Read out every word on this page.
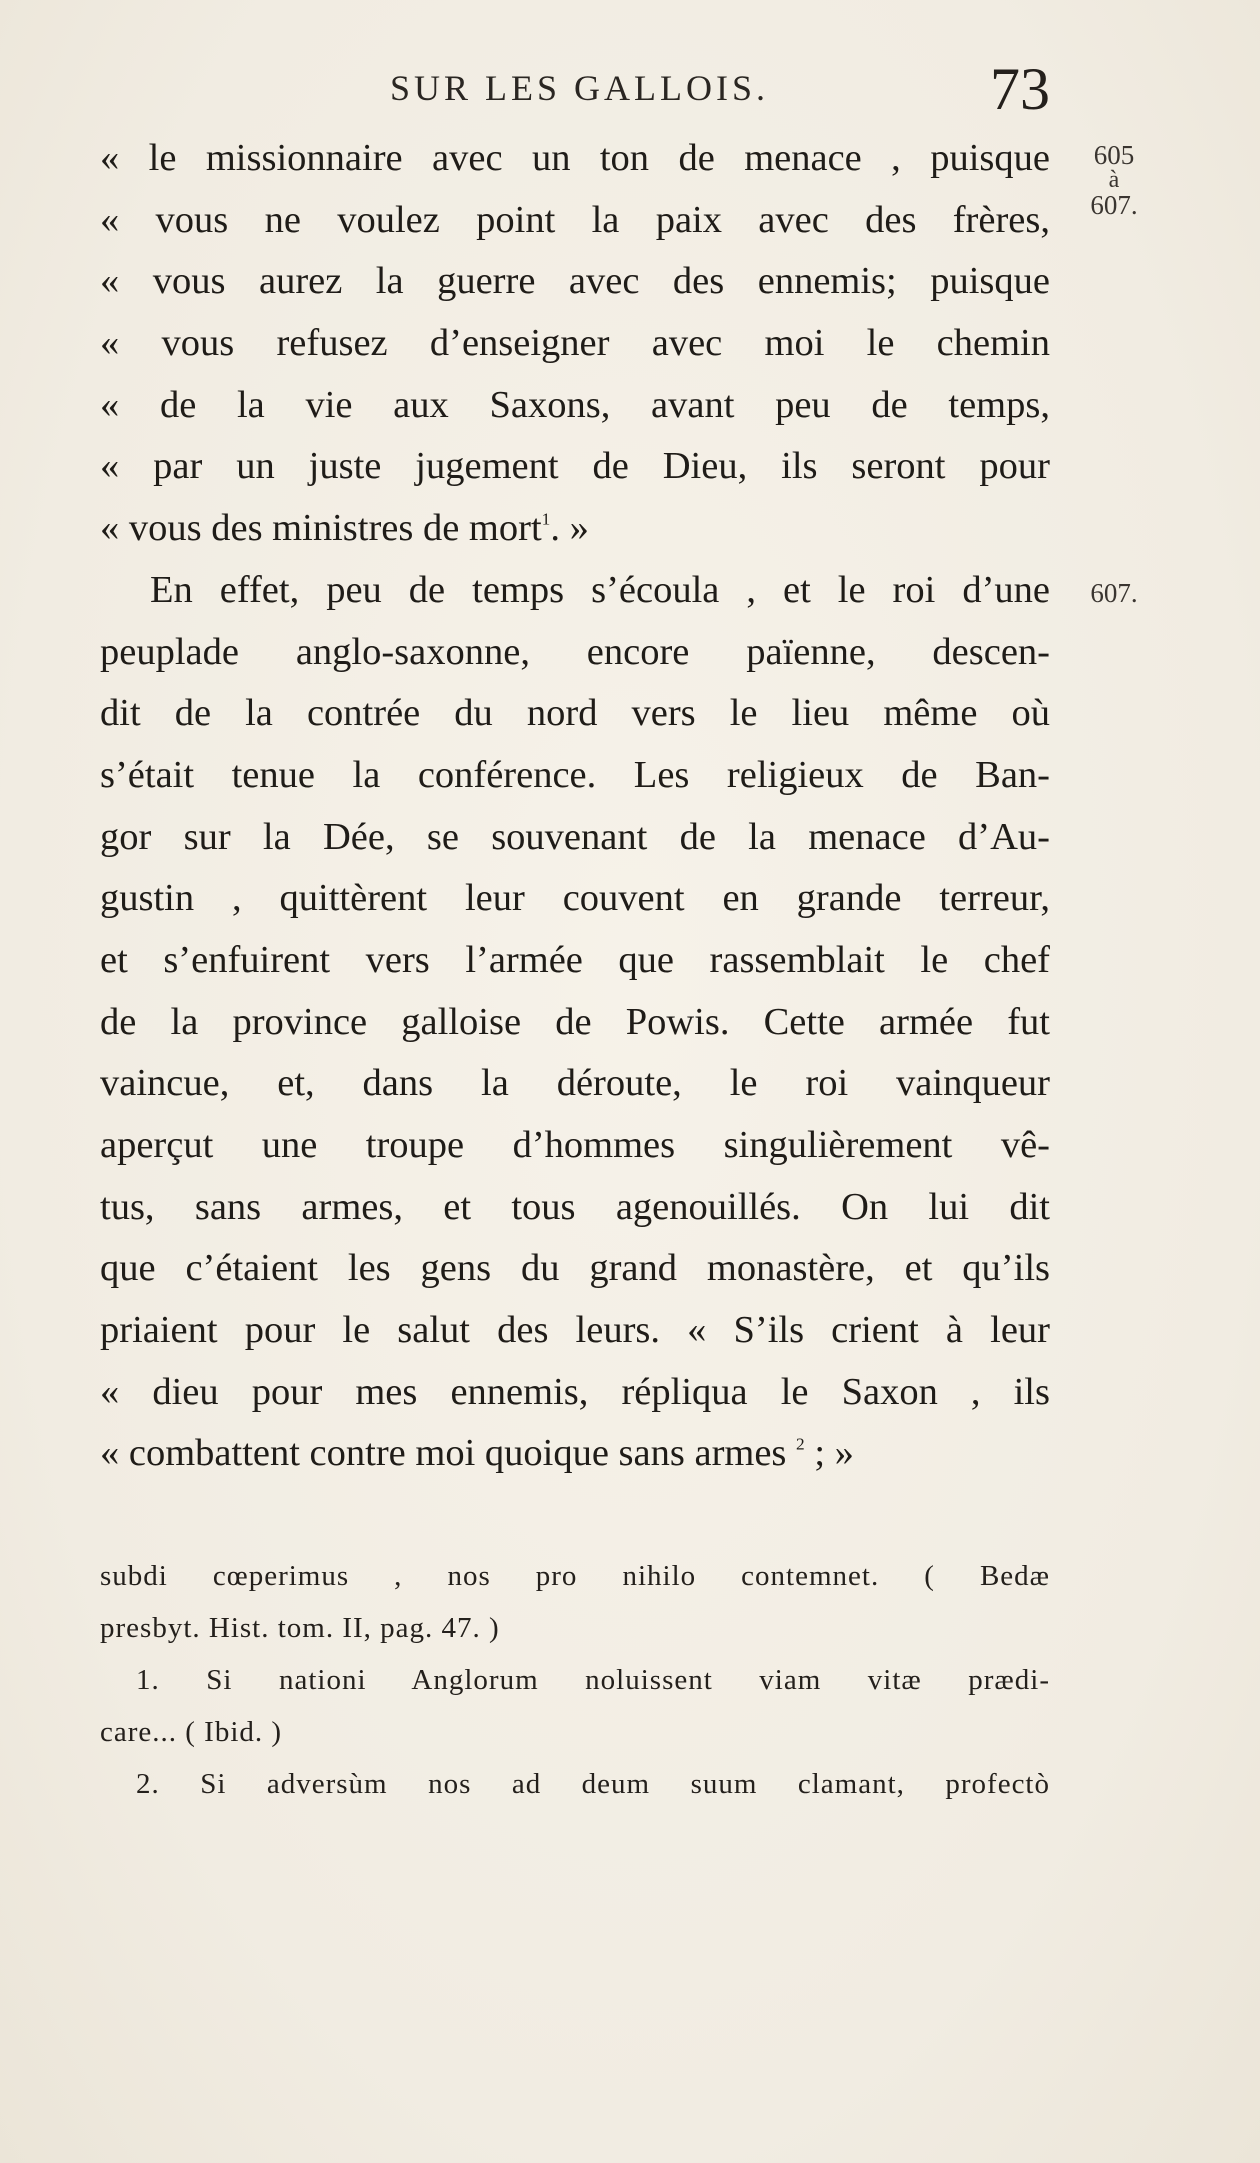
SUR LES GALLOIS.	73
« le missionnaire avec un ton de menace , puisque
« vous ne voulez point la paix avec des frères,
« vous aurez la guerre avec des ennemis; puisque
« vous refusez d’enseigner avec moi le chemin
« de la vie aux Saxons, avant peu de temps,
« par un juste jugement de Dieu, ils seront pour
« vous des ministres de mort$^1$. »
En effet, peu de temps s’écoula , et le roi d’une
peuplade anglo-saxonne, encore païenne, descen-
dit de la contrée du nord vers le lieu même où
s’était tenue la conférence. Les religieux de Ban-
gor sur la Dée, se souvenant de la menace d’Au-
gustin , quittèrent leur couvent en grande terreur,
et s’enfuirent vers l’armée que rassemblait le chef
de la province galloise de Powis. Cette armée fut
vaincue, et, dans la déroute, le roi vainqueur
aperçut une troupe d’hommes singulièrement vê-
tus, sans armes, et tous agenouillés. On lui dit
que c’étaient les gens du grand monastère, et qu’ils
priaient pour le salut des leurs. « S’ils crient à leur
« dieu pour mes ennemis, répliqua le Saxon , ils
« combattent contre moi quoique sans armes $^2$ ; »
605
à
607.
607.
subdi cœperimus , nos pro nihilo contemnet. ( Bedæ
presbyt. Hist. tom. II, pag. 47. )
1. Si nationi Anglorum noluissent viam vitæ prædi-
care... ( Ibid. )
2. Si adversùm nos ad deum suum clamant, profectò
